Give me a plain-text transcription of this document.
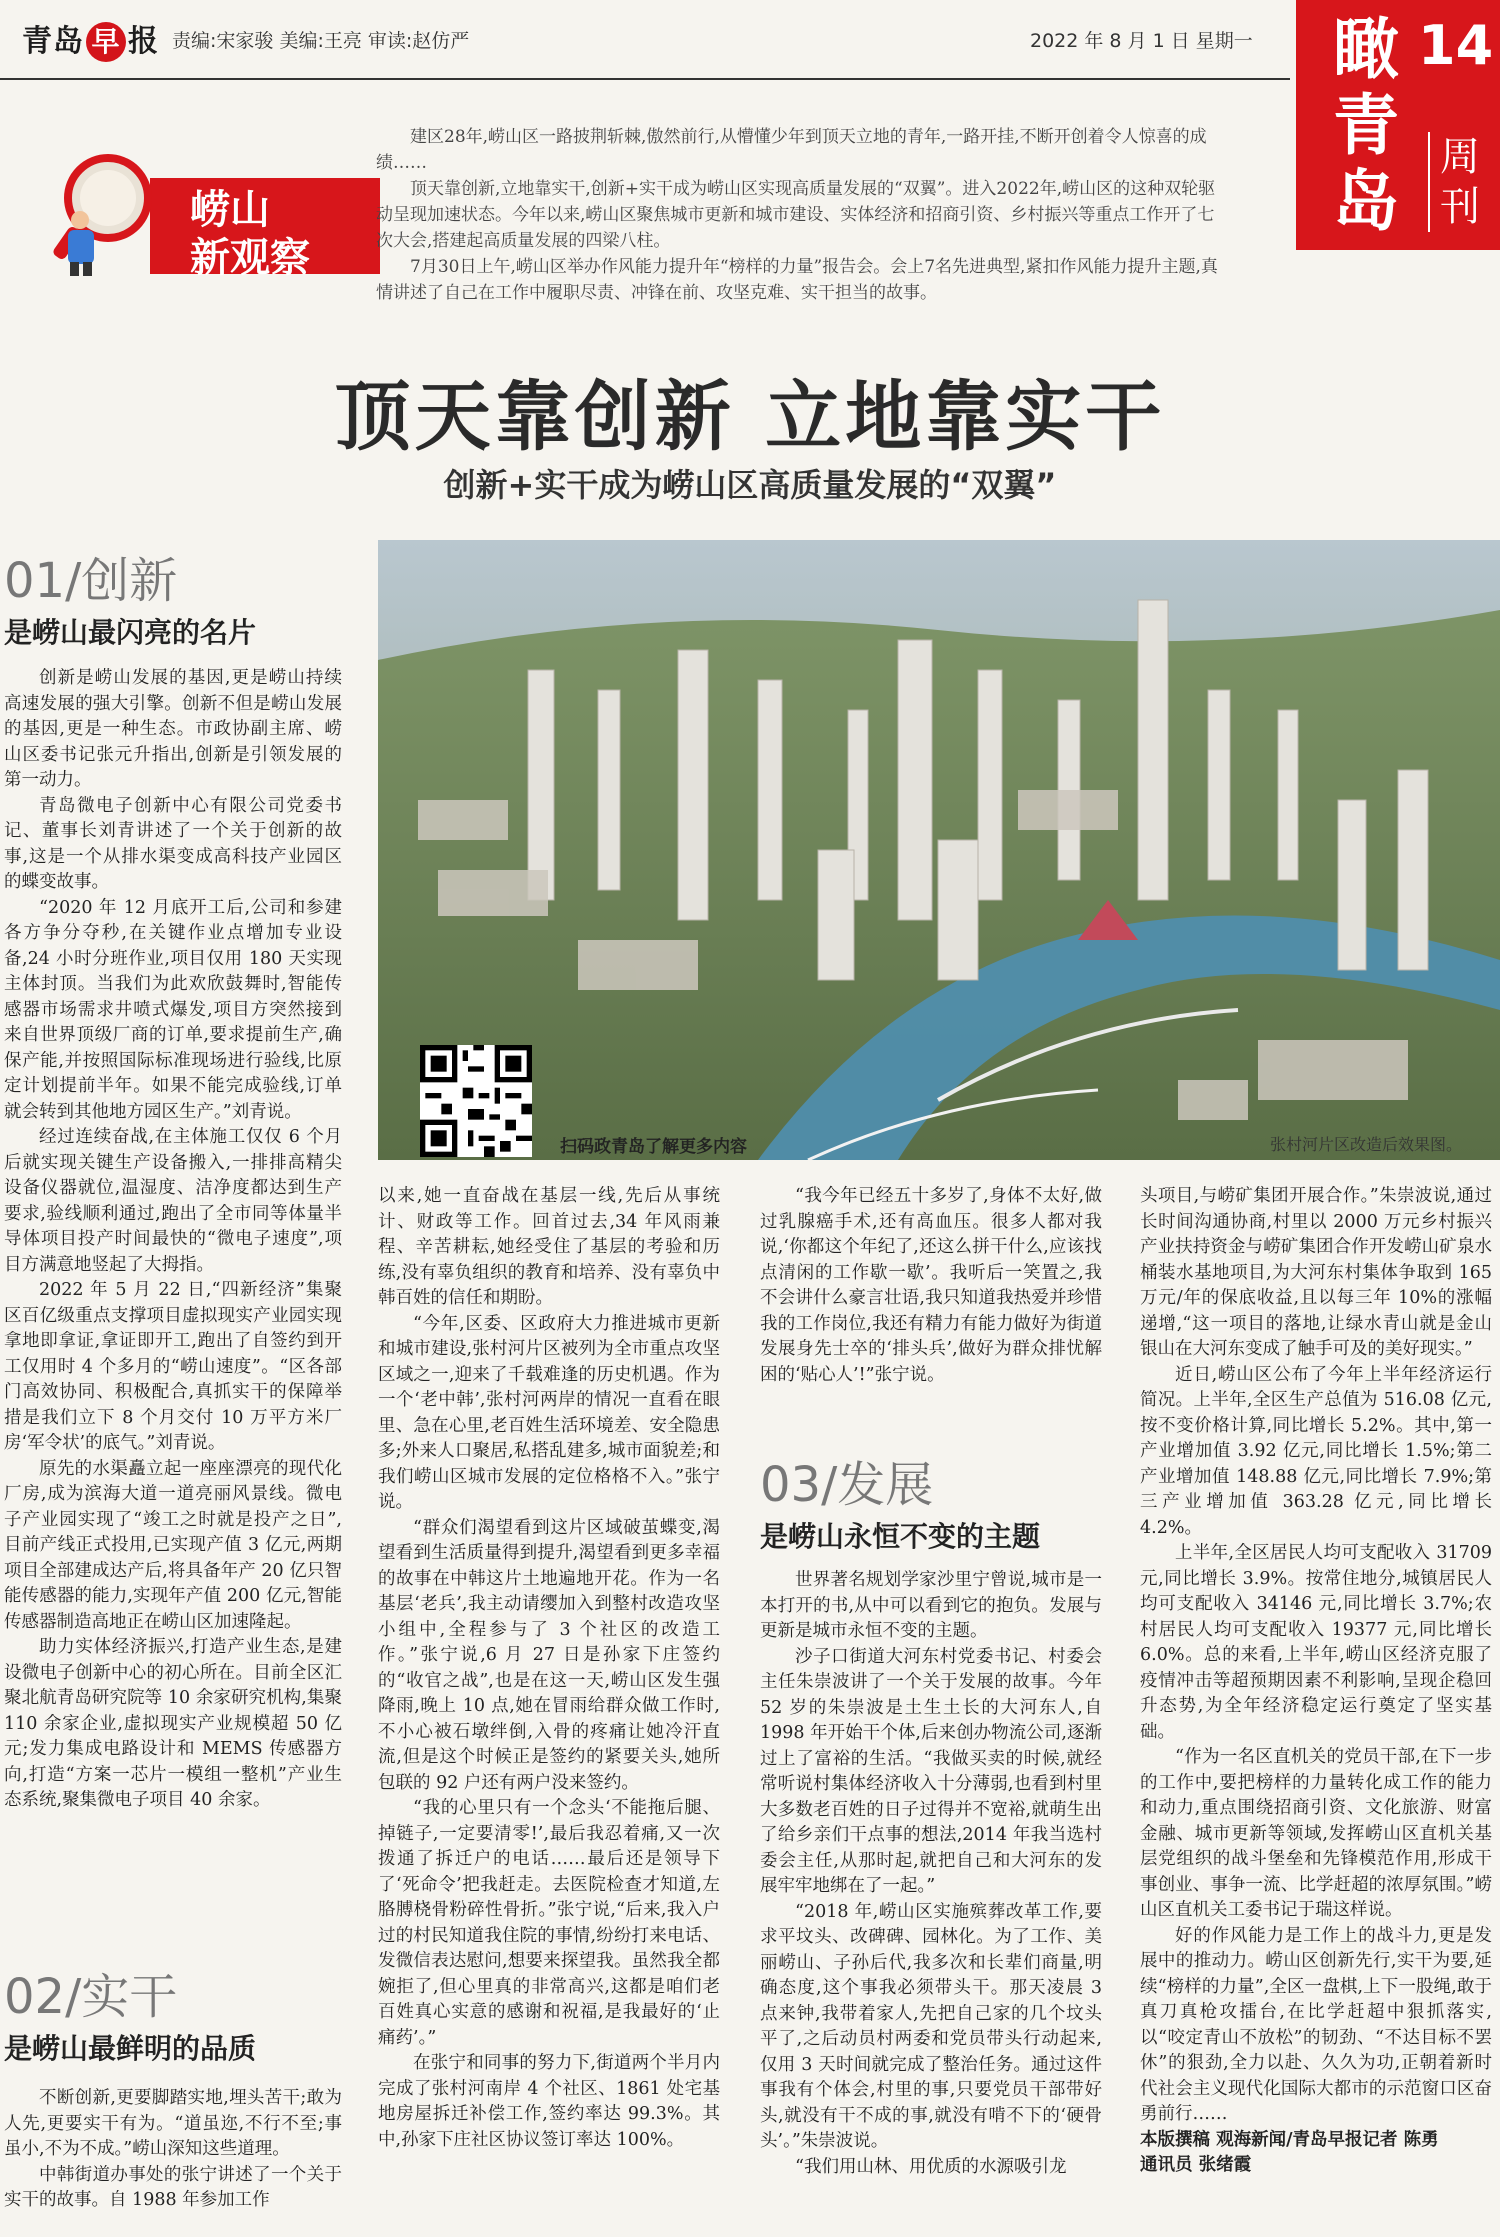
青岛 早 报 责编:宋家骏 美编:王亮 审读:赵仿严	2022 年 8 月 1 日 星期一 瞰青岛
14
周刊
崂山
新观察

建区28年,崂山区一路披荆斩棘,傲然前行,从懵懂少年到顶天立地的青年,一路开挂,不断开创着令人惊喜的成绩……

顶天靠创新,立地靠实干,创新+实干成为崂山区实现高质量发展的“双翼”。进入2022年,崂山区的这种双轮驱动呈现加速状态。今年以来,崂山区聚焦城市更新和城市建设、实体经济和招商引资、乡村振兴等重点工作开了七次大会,搭建起高质量发展的四梁八柱。

7月30日上午,崂山区举办作风能力提升年“榜样的力量”报告会。会上7名先进典型,紧扣作风能力提升主题,真情讲述了自己在工作中履职尽责、冲锋在前、攻坚克难、实干担当的故事。

顶天靠创新 立地靠实干
创新+实干成为崂山区高质量发展的“双翼”
01/创新
是崂山最闪亮的名片

创新是崂山发展的基因,更是崂山持续高速发展的强大引擎。创新不但是崂山发展的基因,更是一种生态。市政协副主席、崂山区委书记张元升指出,创新是引领发展的第一动力。

青岛微电子创新中心有限公司党委书记、董事长刘青讲述了一个关于创新的故事,这是一个从排水渠变成高科技产业园区的蝶变故事。

“2020 年 12 月底开工后,公司和参建各方争分夺秒,在关键作业点增加专业设备,24 小时分班作业,项目仅用 180 天实现主体封顶。当我们为此欢欣鼓舞时,智能传感器市场需求井喷式爆发,项目方突然接到来自世界顶级厂商的订单,要求提前生产,确保产能,并按照国际标准现场进行验线,比原定计划提前半年。如果不能完成验线,订单就会转到其他地方园区生产。”刘青说。

经过连续奋战,在主体施工仅仅 6 个月后就实现关键生产设备搬入,一排排高精尖设备仪器就位,温湿度、洁净度都达到生产要求,验线顺利通过,跑出了全市同等体量半导体项目投产时间最快的“微电子速度”,项目方满意地竖起了大拇指。

2022 年 5 月 22 日,“四新经济”集聚区百亿级重点支撑项目虚拟现实产业园实现拿地即拿证,拿证即开工,跑出了自签约到开工仅用时 4 个多月的“崂山速度”。“区各部门高效协同、积极配合,真抓实干的保障举措是我们立下 8 个月交付 10 万平方米厂房‘军令状’的底气。”刘青说。

原先的水渠矗立起一座座漂亮的现代化厂房,成为滨海大道一道亮丽风景线。微电子产业园实现了“竣工之时就是投产之日”,目前产线正式投用,已实现产值 3 亿元,两期项目全部建成达产后,将具备年产 20 亿只智能传感器的能力,实现年产值 200 亿元,智能传感器制造高地正在崂山区加速隆起。

助力实体经济振兴,打造产业生态,是建设微电子创新中心的初心所在。目前全区汇聚北航青岛研究院等 10 余家研究机构,集聚 110 余家企业,虚拟现实产业规模超 50 亿元;发力集成电路设计和 MEMS 传感器方向,打造“方案一芯片一模组一整机”产业生态系统,聚集微电子项目 40 余家。

02/实干
是崂山最鲜明的品质

不断创新,更要脚踏实地,埋头苦干;敢为人先,更要实干有为。“道虽迩,不行不至;事虽小,不为不成。”崂山深知这些道理。

中韩街道办事处的张宁讲述了一个关于实干的故事。自 1988 年参加工作

扫码政青岛了解更多内容	张村河片区改造后效果图。

以来,她一直奋战在基层一线,先后从事统计、财政等工作。回首过去,34 年风雨兼程、辛苦耕耘,她经受住了基层的考验和历练,没有辜负组织的教育和培养、没有辜负中韩百姓的信任和期盼。

“今年,区委、区政府大力推进城市更新和城市建设,张村河片区被列为全市重点攻坚区域之一,迎来了千载难逢的历史机遇。作为一个‘老中韩’,张村河两岸的情况一直看在眼里、急在心里,老百姓生活环境差、安全隐患多;外来人口聚居,私搭乱建多,城市面貌差;和我们崂山区城市发展的定位格格不入。”张宁说。

“群众们渴望看到这片区域破茧蝶变,渴望看到生活质量得到提升,渴望看到更多幸福的故事在中韩这片土地遍地开花。作为一名基层‘老兵’,我主动请缨加入到整村改造攻坚小组中,全程参与了 3 个社区的改造工作。”张宁说,6 月 27 日是孙家下庄签约的“收官之战”,也是在这一天,崂山区发生强降雨,晚上 10 点,她在冒雨给群众做工作时,不小心被石墩绊倒,入骨的疼痛让她冷汗直流,但是这个时候正是签约的紧要关头,她所包联的 92 户还有两户没来签约。

“我的心里只有一个念头‘不能拖后腿、掉链子,一定要清零!’,最后我忍着痛,又一次拨通了拆迁户的电话……最后还是领导下了‘死命令’把我赶走。去医院检查才知道,左胳膊桡骨粉碎性骨折。”张宁说,“后来,我入户过的村民知道我住院的事情,纷纷打来电话、发微信表达慰问,想要来探望我。虽然我全都婉拒了,但心里真的非常高兴,这都是咱们老百姓真心实意的感谢和祝福,是我最好的‘止痛药’。”

在张宁和同事的努力下,街道两个半月内完成了张村河南岸 4 个社区、1861 处宅基地房屋拆迁补偿工作,签约率达 99.3%。其中,孙家下庄社区协议签订率达 100%。

“我今年已经五十多岁了,身体不太好,做过乳腺癌手术,还有高血压。很多人都对我说,‘你都这个年纪了,还这么拼干什么,应该找点清闲的工作歇一歇’。我听后一笑置之,我不会讲什么豪言壮语,我只知道我热爱并珍惜我的工作岗位,我还有精力有能力做好为街道发展身先士卒的‘排头兵’,做好为群众排忧解困的‘贴心人’!”张宁说。

03/发展
是崂山永恒不变的主题

世界著名规划学家沙里宁曾说,城市是一本打开的书,从中可以看到它的抱负。发展与更新是城市永恒不变的主题。

沙子口街道大河东村党委书记、村委会主任朱崇波讲了一个关于发展的故事。今年 52 岁的朱崇波是土生土长的大河东人,自 1998 年开始干个体,后来创办物流公司,逐渐过上了富裕的生活。“我做买卖的时候,就经常听说村集体经济收入十分薄弱,也看到村里大多数老百姓的日子过得并不宽裕,就萌生出了给乡亲们干点事的想法,2014 年我当选村委会主任,从那时起,就把自己和大河东的发展牢牢地绑在了一起。”

“2018 年,崂山区实施殡葬改革工作,要求平坟头、改碑碑、园林化。为了工作、美丽崂山、子孙后代,我多次和长辈们商量,明确态度,这个事我必须带头干。那天凌晨 3 点来钟,我带着家人,先把自己家的几个坟头平了,之后动员村两委和党员带头行动起来,仅用 3 天时间就完成了整治任务。通过这件事我有个体会,村里的事,只要党员干部带好头,就没有干不成的事,就没有啃不下的‘硬骨头’。”朱崇波说。

“我们用山林、用优质的水源吸引龙

头项目,与崂矿集团开展合作。”朱崇波说,通过长时间沟通协商,村里以 2000 万元乡村振兴产业扶持资金与崂矿集团合作开发崂山矿泉水桶装水基地项目,为大河东村集体争取到 165 万元/年的保底收益,且以每三年 10%的涨幅递增,“这一项目的落地,让绿水青山就是金山银山在大河东变成了触手可及的美好现实。”

近日,崂山区公布了今年上半年经济运行简况。上半年,全区生产总值为 516.08 亿元,按不变价格计算,同比增长 5.2%。其中,第一产业增加值 3.92 亿元,同比增长 1.5%;第二产业增加值 148.88 亿元,同比增长 7.9%;第三产业增加值 363.28 亿元,同比增长 4.2%。

上半年,全区居民人均可支配收入 31709 元,同比增长 3.9%。按常住地分,城镇居民人均可支配收入 34146 元,同比增长 3.7%;农村居民人均可支配收入 19377 元,同比增长 6.0%。总的来看,上半年,崂山区经济克服了疫情冲击等超预期因素不利影响,呈现企稳回升态势,为全年经济稳定运行奠定了坚实基础。

“作为一名区直机关的党员干部,在下一步的工作中,要把榜样的力量转化成工作的能力和动力,重点围绕招商引资、文化旅游、财富金融、城市更新等领域,发挥崂山区直机关基层党组织的战斗堡垒和先锋模范作用,形成干事创业、事争一流、比学赶超的浓厚氛围。”崂山区直机关工委书记于瑞这样说。

好的作风能力是工作上的战斗力,更是发展中的推动力。崂山区创新先行,实干为要,延续“榜样的力量”,全区一盘棋,上下一股绳,敢于真刀真枪攻擂台,在比学赶超中狠抓落实,以“咬定青山不放松”的韧劲、“不达目标不罢休”的狠劲,全力以赴、久久为功,正朝着新时代社会主义现代化国际大都市的示范窗口区奋勇前行……

本版撰稿 观海新闻/青岛早报记者 陈勇
通讯员 张绪霞
